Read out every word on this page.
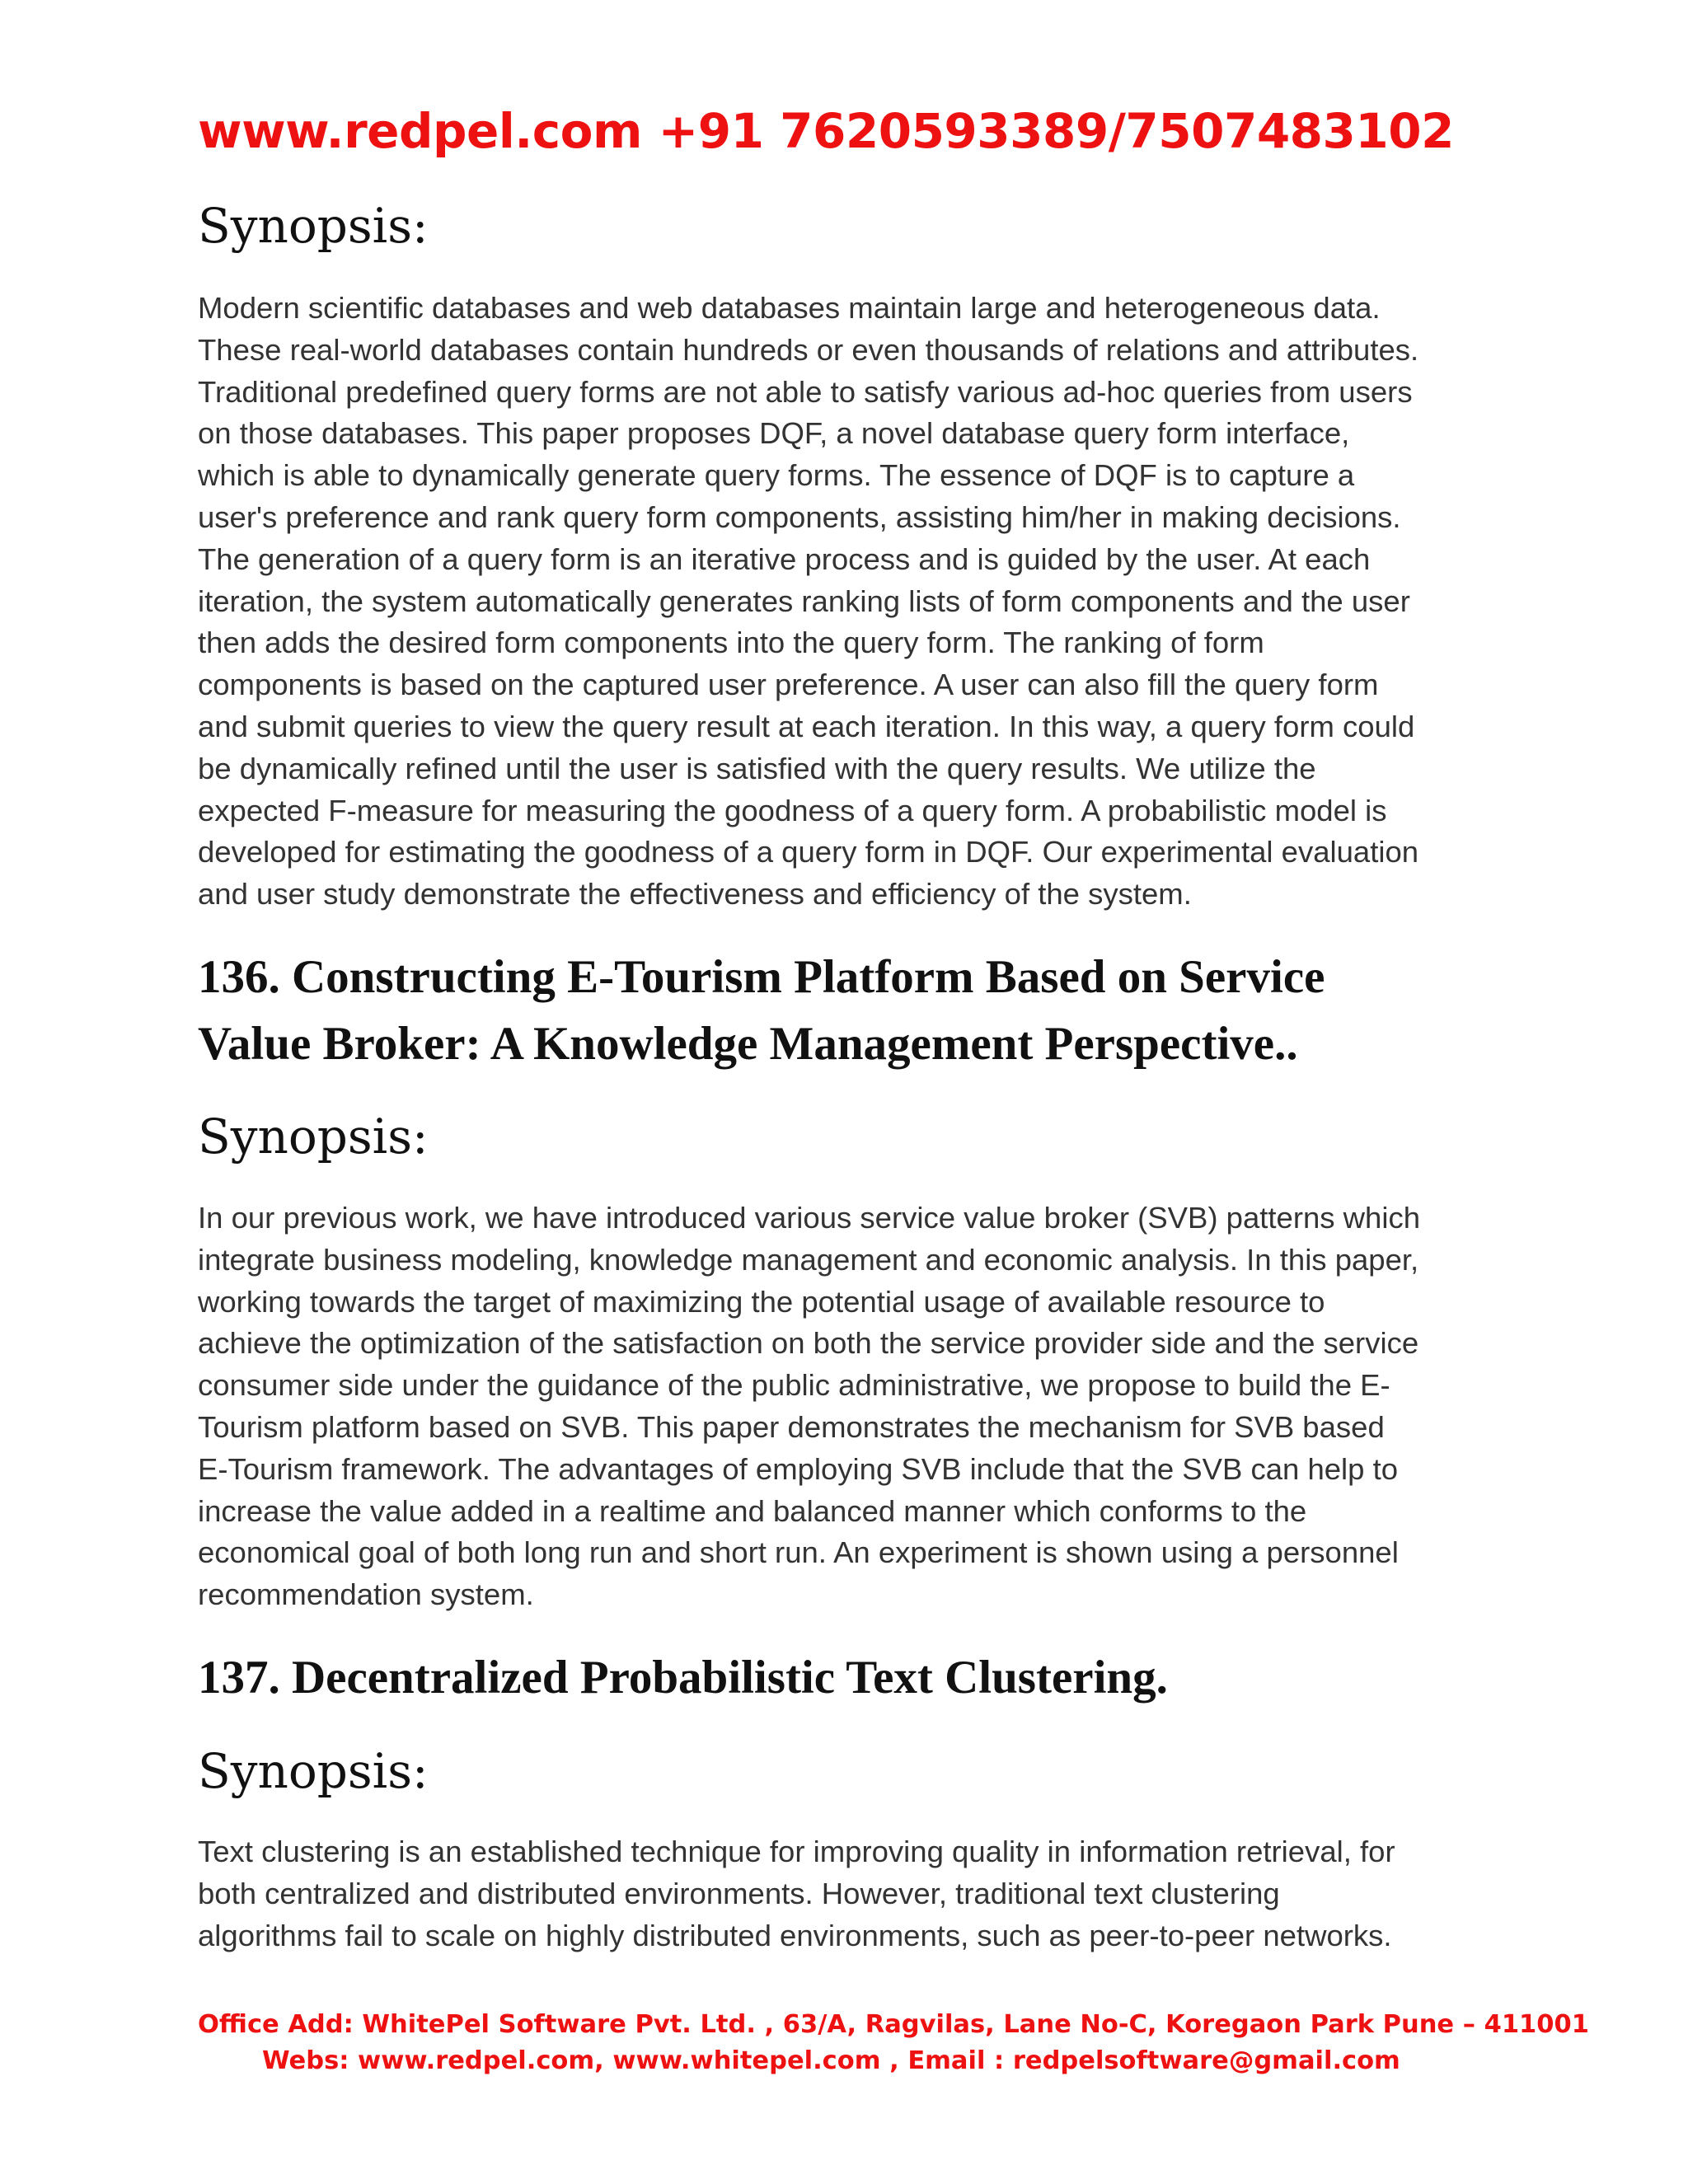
www.redpel.com +91 7620593389/7507483102
Synopsis:
Modern scientific databases and web databases maintain large and heterogeneous data.
These real-world databases contain hundreds or even thousands of relations and attributes.
Traditional predefined query forms are not able to satisfy various ad-hoc queries from users
on those databases. This paper proposes DQF, a novel database query form interface,
which is able to dynamically generate query forms. The essence of DQF is to capture a
user's preference and rank query form components, assisting him/her in making decisions.
The generation of a query form is an iterative process and is guided by the user. At each
iteration, the system automatically generates ranking lists of form components and the user
then adds the desired form components into the query form. The ranking of form
components is based on the captured user preference. A user can also fill the query form
and submit queries to view the query result at each iteration. In this way, a query form could
be dynamically refined until the user is satisfied with the query results. We utilize the
expected F-measure for measuring the goodness of a query form. A probabilistic model is
developed for estimating the goodness of a query form in DQF. Our experimental evaluation
and user study demonstrate the effectiveness and efficiency of the system.
136. Constructing E-Tourism Platform Based on Service
Value Broker: A Knowledge Management Perspective..
Synopsis:
In our previous work, we have introduced various service value broker (SVB) patterns which
integrate business modeling, knowledge management and economic analysis. In this paper,
working towards the target of maximizing the potential usage of available resource to
achieve the optimization of the satisfaction on both the service provider side and the service
consumer side under the guidance of the public administrative, we propose to build the E-
Tourism platform based on SVB. This paper demonstrates the mechanism for SVB based
E-Tourism framework. The advantages of employing SVB include that the SVB can help to
increase the value added in a realtime and balanced manner which conforms to the
economical goal of both long run and short run. An experiment is shown using a personnel
recommendation system.
137. Decentralized Probabilistic Text Clustering.
Synopsis:
Text clustering is an established technique for improving quality in information retrieval, for
both centralized and distributed environments. However, traditional text clustering
algorithms fail to scale on highly distributed environments, such as peer-to-peer networks.
Office Add: WhitePel Software Pvt. Ltd. , 63/A, Ragvilas, Lane No-C, Koregaon Park Pune – 411001
Webs: www.redpel.com, www.whitepel.com , Email : redpelsoftware@gmail.com
